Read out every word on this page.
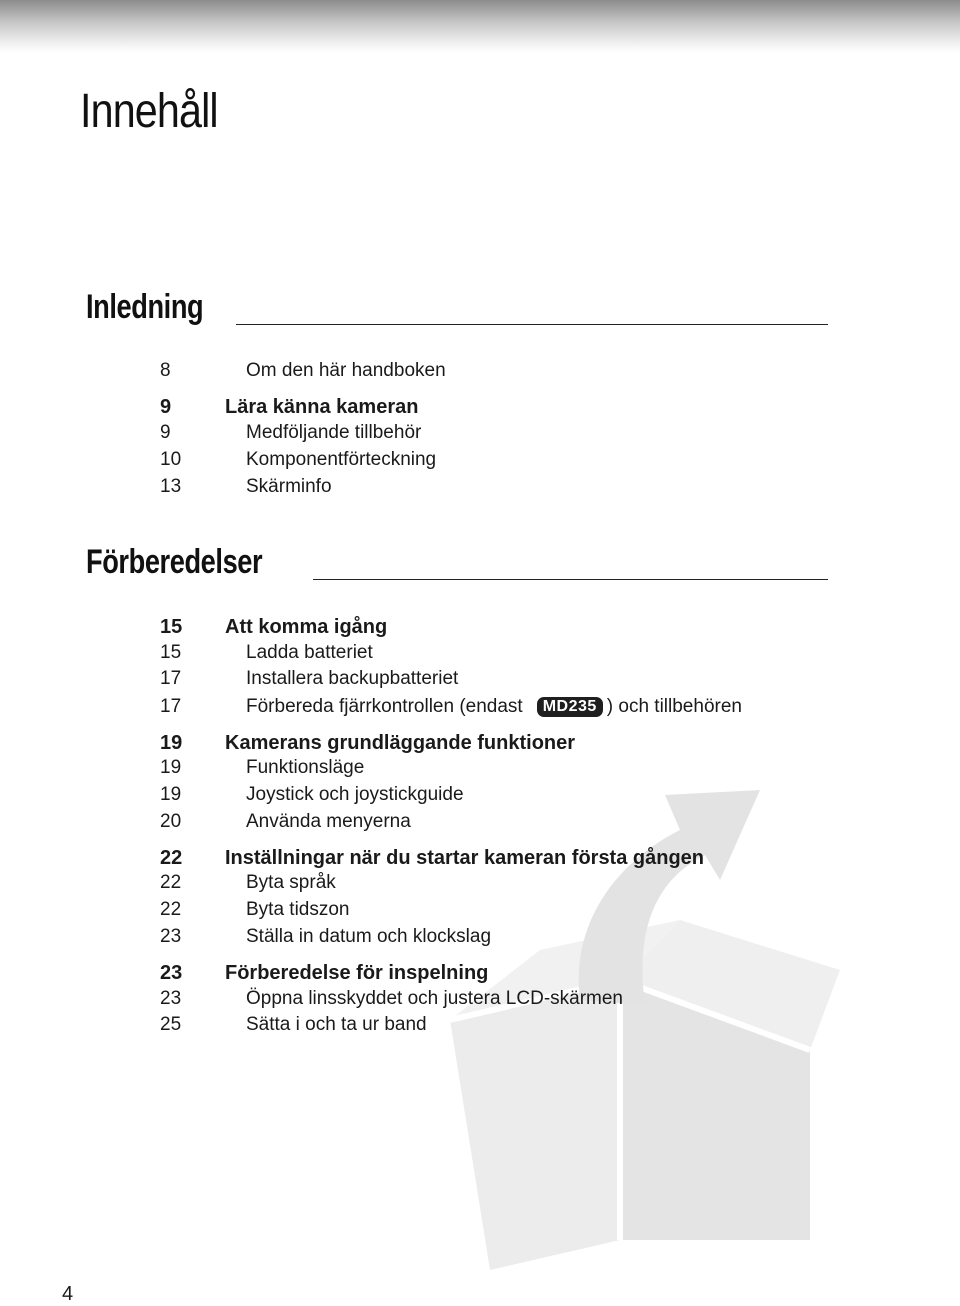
Innehåll
Inledning
8	Om den här handboken
9	Lära känna kameran
9	Medföljande tillbehör
10	Komponentförteckning
13	Skärminfo
Förberedelser
15	Att komma igång
15	Ladda batteriet
17	Installera backupbatteriet
17	Förbereda fjärrkontrollen (endast MD235 ) och tillbehören
19	Kamerans grundläggande funktioner
19	Funktionsläge
19	Joystick och joystickguide
20	Använda menyerna
22	Inställningar när du startar kameran första gången
22	Byta språk
22	Byta tidszon
23	Ställa in datum och klockslag
23	Förberedelse för inspelning
23	Öppna linsskyddet och justera LCD-skärmen
25	Sätta i och ta ur band
4
